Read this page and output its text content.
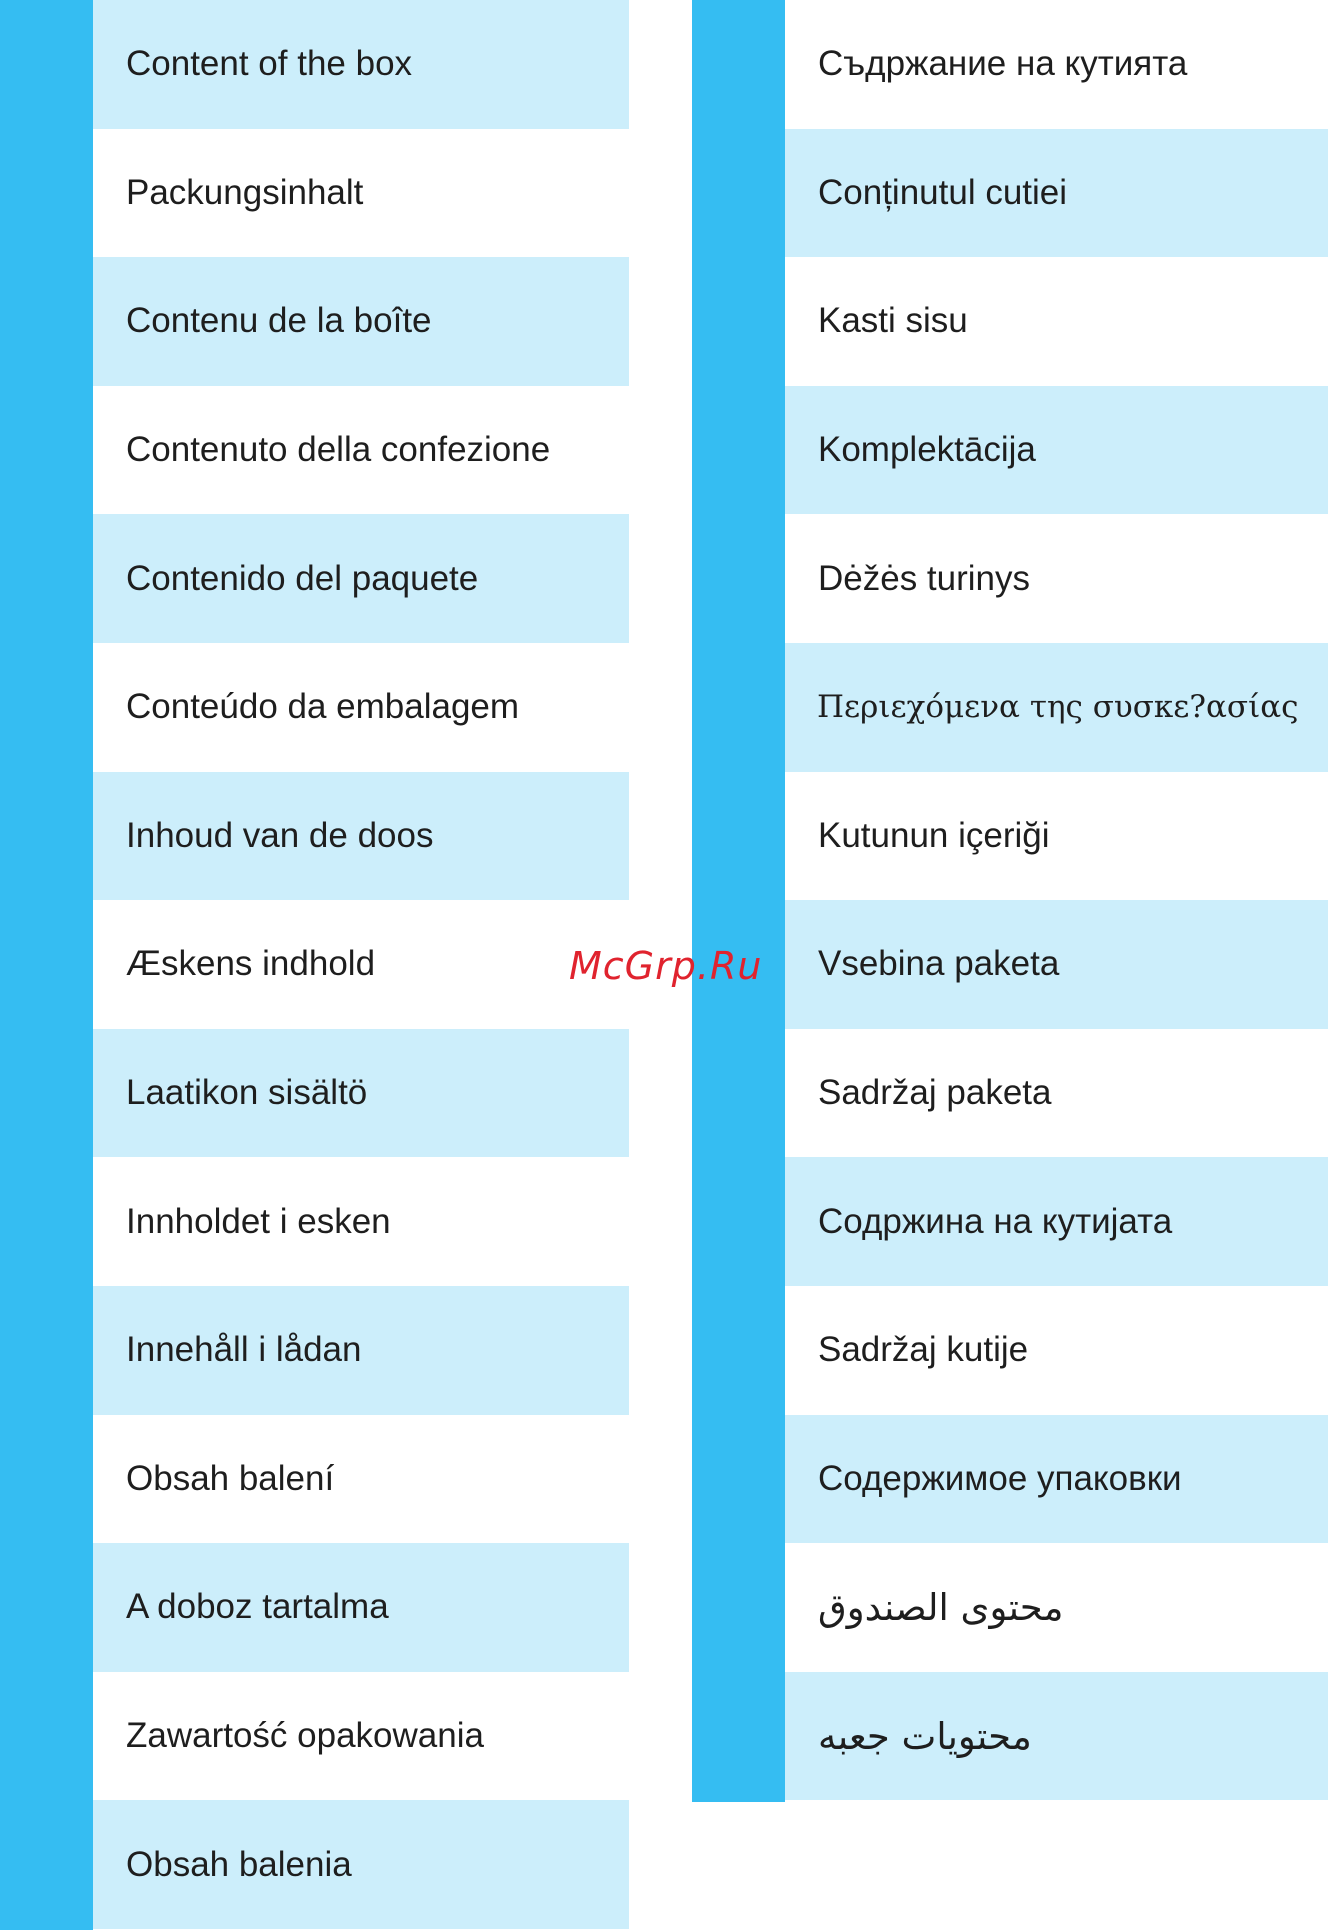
Content of the box
Packungsinhalt
Contenu de la boîte
Contenuto della confezione
Contenido del paquete
Conteúdo da embalagem
Inhoud van de doos
Æskens indhold
Laatikon sisältö
Innholdet i esken
Innehåll i lådan
Obsah balení
A doboz tartalma
Zawartość opakowania
Obsah balenia
Съдржание на кутията
Conținutul cutiei
Kasti sisu
Komplektācija
Dėžės turinys
Περιεχόμενα της συσκε?ασίας
Kutunun içeriği
Vsebina paketa
Sadržaj paketa
Содржина на кутијата
Sadržaj kutije
Содержимое упаковки
محتوى الصندوق
محتويات جعبه
McGrp.Ru
